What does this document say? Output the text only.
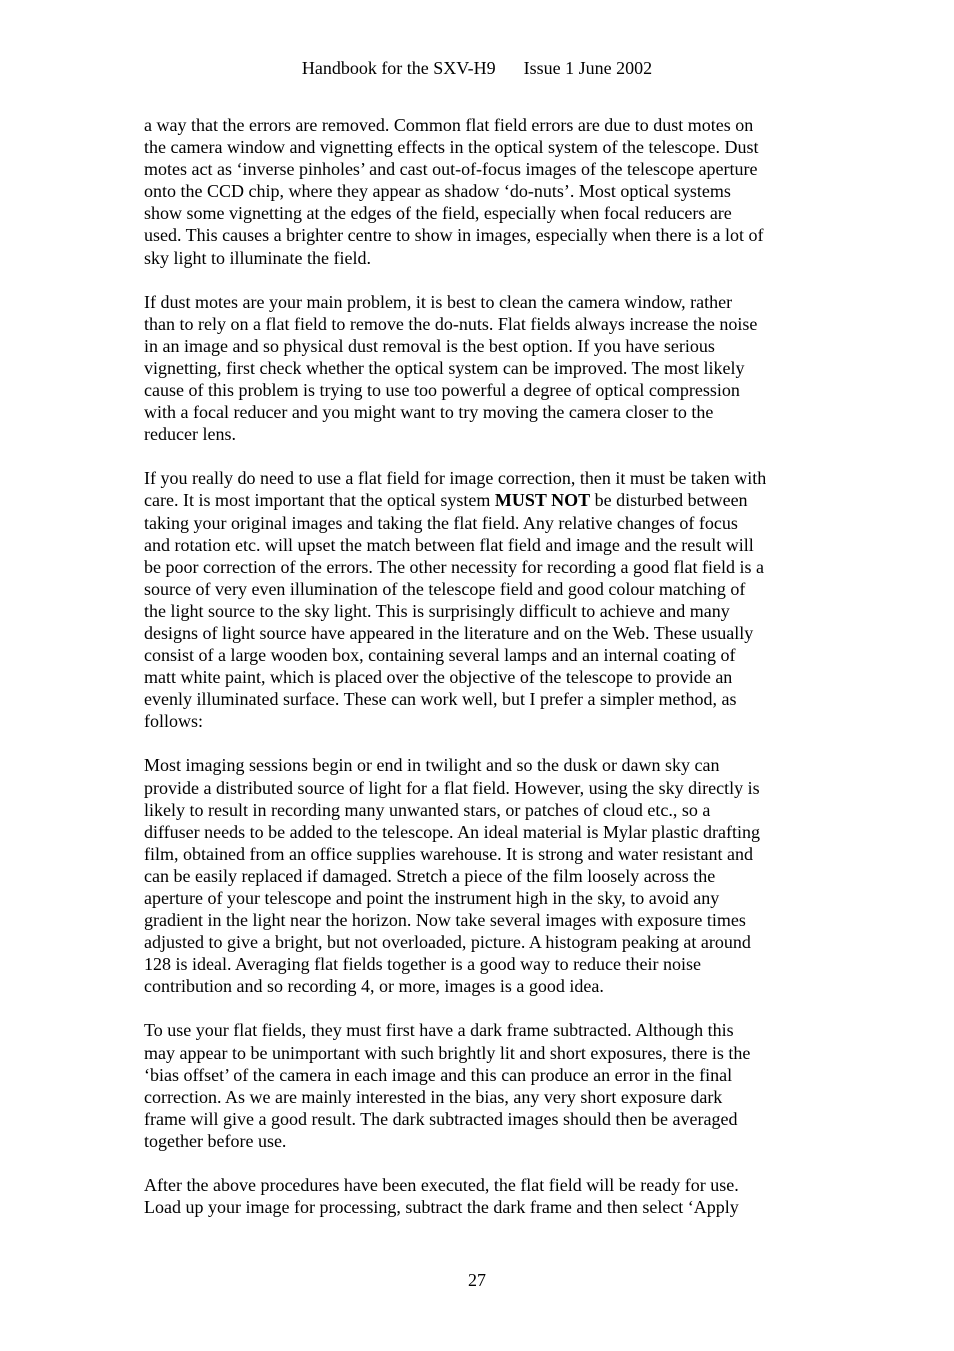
Handbook for the SXV-H9 Issue 1 June 2002

a way that the errors are removed. Common flat field errors are due to dust motes on
the camera window and vignetting effects in the optical system of the telescope. Dust
motes act as ‘inverse pinholes’ and cast out-of-focus images of the telescope aperture
onto the CCD chip, where they appear as shadow ‘do-nuts’. Most optical systems
show some vignetting at the edges of the field, especially when focal reducers are
used. This causes a brighter centre to show in images, especially when there is a lot of
sky light to illuminate the field.

If dust motes are your main problem, it is best to clean the camera window, rather
than to rely on a flat field to remove the do-nuts. Flat fields always increase the noise
in an image and so physical dust removal is the best option. If you have serious
vignetting, first check whether the optical system can be improved. The most likely
cause of this problem is trying to use too powerful a degree of optical compression
with a focal reducer and you might want to try moving the camera closer to the
reducer lens.

If you really do need to use a flat field for image correction, then it must be taken with
care. It is most important that the optical system MUST NOT be disturbed between
taking your original images and taking the flat field. Any relative changes of focus
and rotation etc. will upset the match between flat field and image and the result will
be poor correction of the errors. The other necessity for recording a good flat field is a
source of very even illumination of the telescope field and good colour matching of
the light source to the sky light. This is surprisingly difficult to achieve and many
designs of light source have appeared in the literature and on the Web. These usually
consist of a large wooden box, containing several lamps and an internal coating of
matt white paint, which is placed over the objective of the telescope to provide an
evenly illuminated surface. These can work well, but I prefer a simpler method, as
follows:

Most imaging sessions begin or end in twilight and so the dusk or dawn sky can
provide a distributed source of light for a flat field. However, using the sky directly is
likely to result in recording many unwanted stars, or patches of cloud etc., so a
diffuser needs to be added to the telescope. An ideal material is Mylar plastic drafting
film, obtained from an office supplies warehouse. It is strong and water resistant and
can be easily replaced if damaged. Stretch a piece of the film loosely across the
aperture of your telescope and point the instrument high in the sky, to avoid any
gradient in the light near the horizon. Now take several images with exposure times
adjusted to give a bright, but not overloaded, picture. A histogram peaking at around
128 is ideal. Averaging flat fields together is a good way to reduce their noise
contribution and so recording 4, or more, images is a good idea.

To use your flat fields, they must first have a dark frame subtracted. Although this
may appear to be unimportant with such brightly lit and short exposures, there is the
‘bias offset’ of the camera in each image and this can produce an error in the final
correction. As we are mainly interested in the bias, any very short exposure dark
frame will give a good result. The dark subtracted images should then be averaged
together before use.

After the above procedures have been executed, the flat field will be ready for use.
Load up your image for processing, subtract the dark frame and then select ‘Apply

27
